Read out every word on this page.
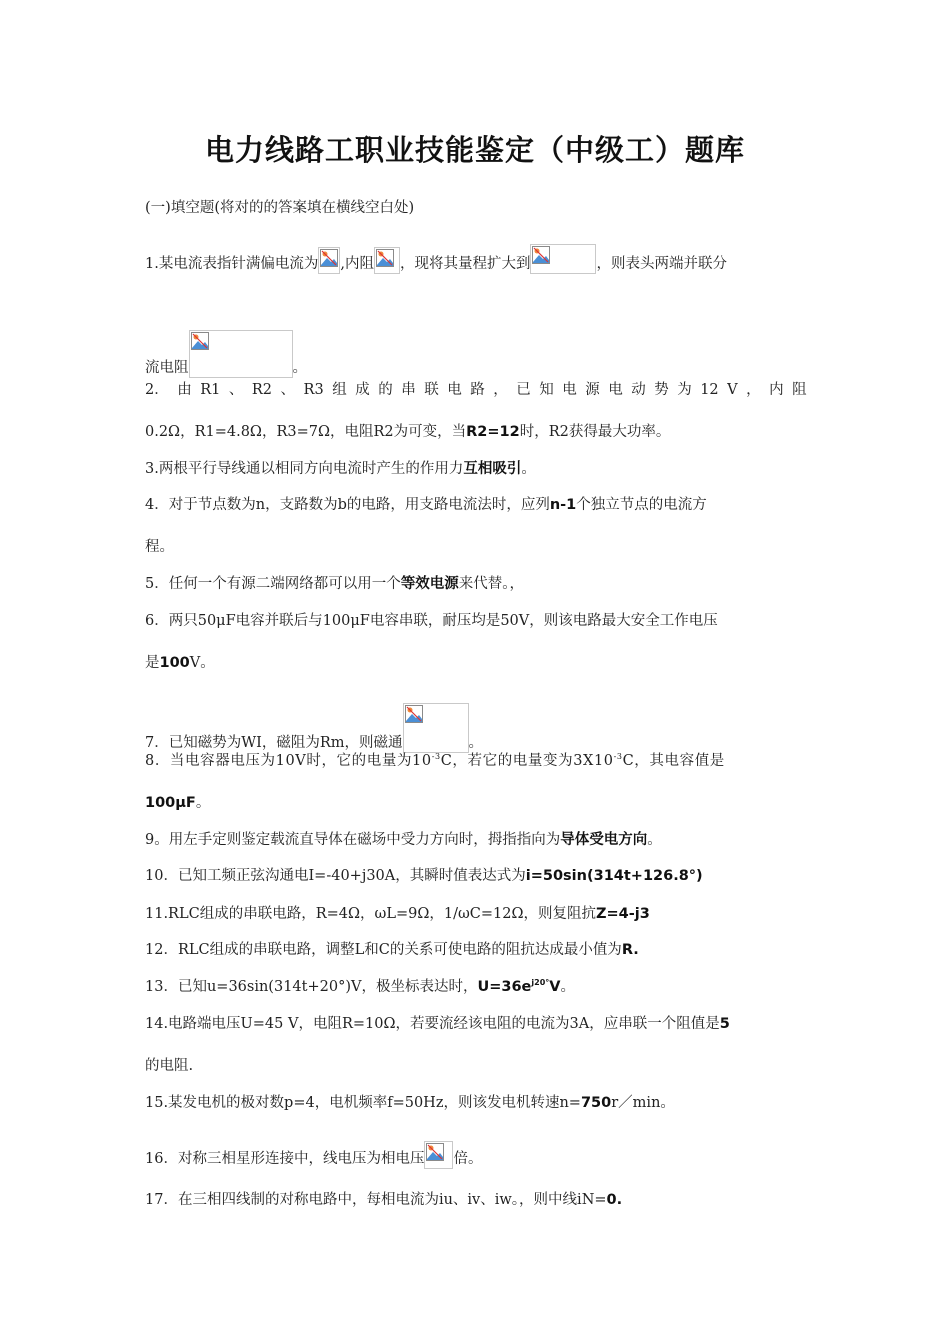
电力线路工职业技能鉴定（中级工）题库
(一)填空题(将对的的答案填在横线空白处)
1.某电流表指针满偏电流为 ,内阻 ，现将其量程扩大到	，则表头两端并联分
流电阻	。
2． 由 R1 、 R2 、 R3 组 成 的 串 联 电 路 ， 已 知 电 源 电 动 势 为 12 V ， 内 阻
0.2Ω，R1=4.8Ω，R3=7Ω，电阻R2为可变，当R2=12时，R2获得最大功率。
3.两根平行导线通以相同方向电流时产生的作用力互相吸引。
4．对于节点数为n，支路数为b的电路，用支路电流法时，应列n-1个独立节点的电流方
程。
5．任何一个有源二端网络都可以用一个等效电源来代替。，
6．两只50μF电容并联后与100μF电容串联，耐压均是50V，则该电路最大安全工作电压
是100V。
7．已知磁势为WI，磁阻为Rm，则磁通	。
8．当电容器电压为10V时，它的电量为$10^{-3}C$，若它的电量变为$3X10^{-3}C$，其电容值是
100μF。
9。用左手定则鉴定载流直导体在磁场中受力方向时，拇指指向为导体受电方向。
10．已知工频正弦沟通电I=-40+j30A，其瞬时值表达式为i=50sin(314t+126.8°)
11.RLC组成的串联电路，R=4Ω，ωL=9Ω，1/ωC=12Ω，则复阻抗Z=4-j3
12．RLC组成的串联电路，调整L和C的关系可使电路的阻抗达成最小值为R.
13．已知u=36sin(314t+20°)V，极坐标表达时，$U=36e^{j20^\circ}V$。
14.电路端电压U=45 V，电阻R=10Ω，若要流经该电阻的电流为3A，应串联一个阻值是5
的电阻.
15.某发电机的极对数p=4，电机频率f=50Hz，则该发电机转速n=750r／min。
16．对称三相星形连接中，线电压为相电压 倍。
17．在三相四线制的对称电路中，每相电流为iu、iv、iw。，则中线iN=0.
